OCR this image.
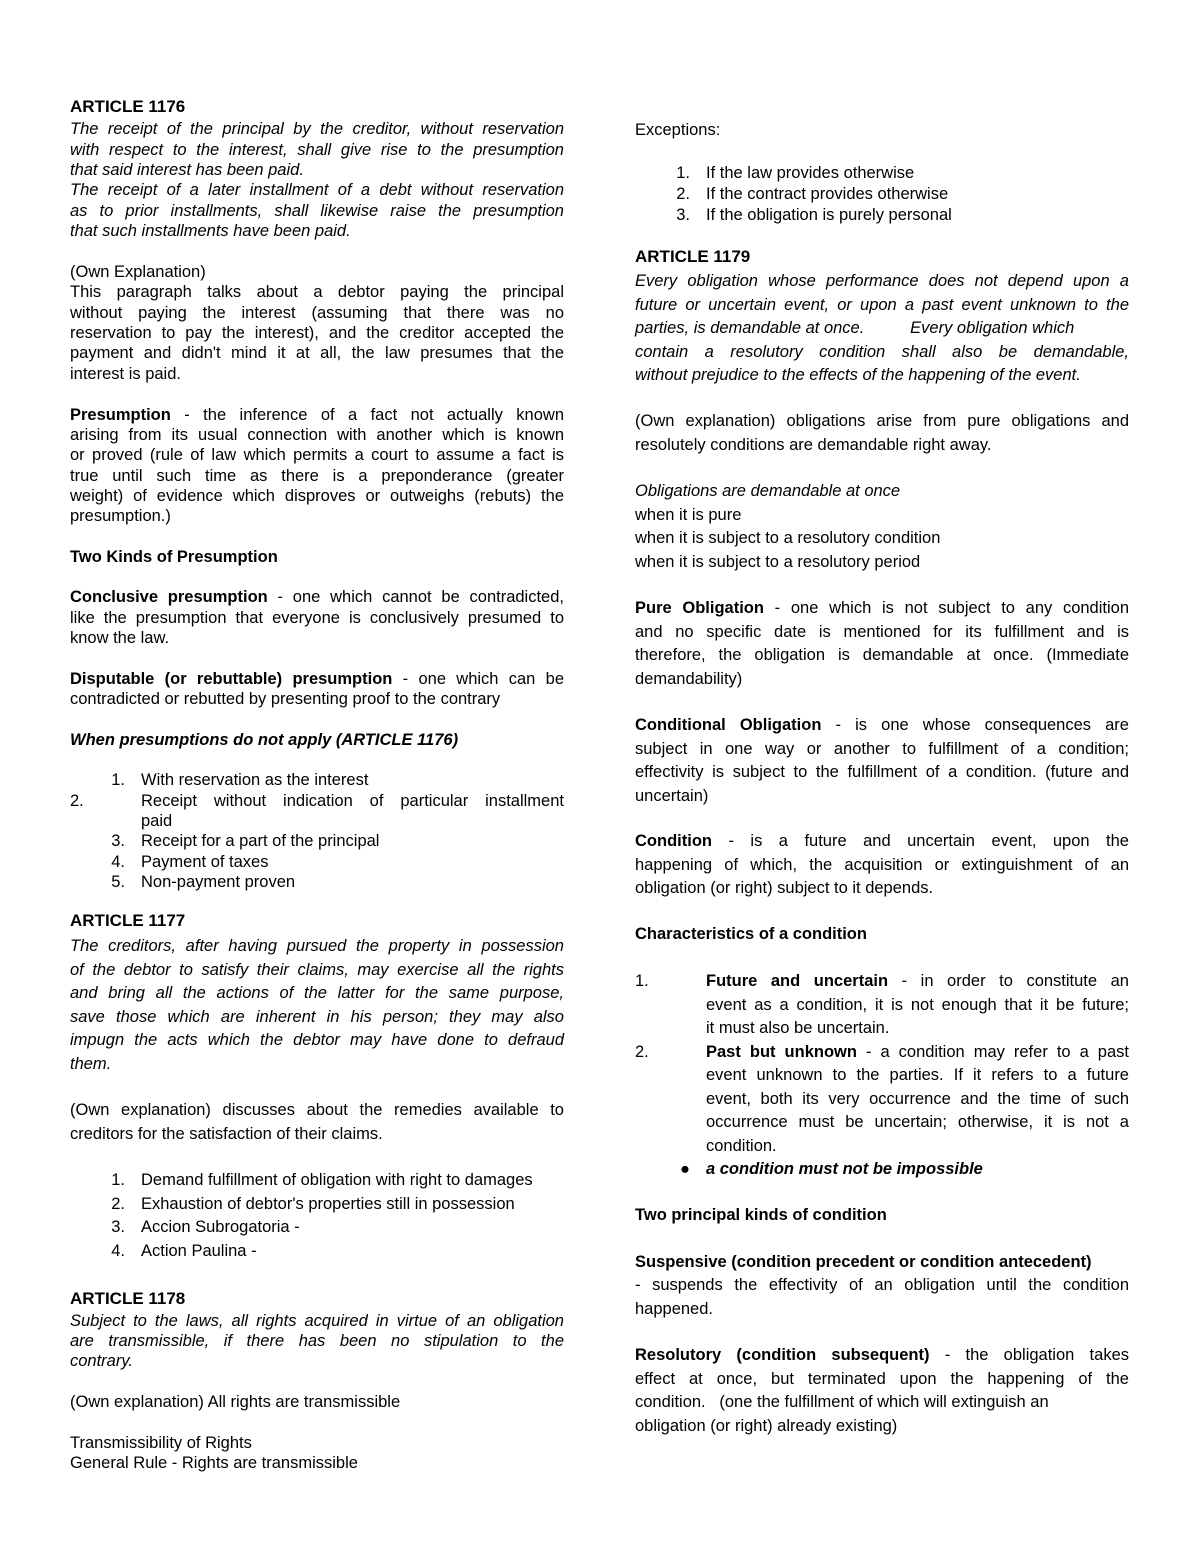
ARTICLE 1176

The receipt of the principal by the creditor, without reservation

with respect to the interest, shall give rise to the presumption

that said interest has been paid.

The receipt of a later installment of a debt without reservation

as to prior installments, shall likewise raise the presumption

that such installments have been paid.

(Own Explanation)

This paragraph talks about a debtor paying the principal

without paying the interest (assuming that there was no

reservation to pay the interest), and the creditor accepted the

payment and didn't mind it at all, the law presumes that the

interest is paid.

Presumption - the inference of a fact not actually known

arising from its usual connection with another which is known

or proved (rule of law which permits a court to assume a fact is

true until such time as there is a preponderance (greater

weight) of evidence which disproves or outweighs (rebuts) the

presumption.)

Two Kinds of Presumption

Conclusive presumption - one which cannot be contradicted,

like the presumption that everyone is conclusively presumed to

know the law.

Disputable (or rebuttable) presumption - one which can be

contradicted or rebutted by presenting proof to the contrary

When presumptions do not apply (ARTICLE 1176)

1. With reservation as the interest

2.	Receipt without indication of particular installment

paid

3. Receipt for a part of the principal

4. Payment of taxes

5. Non-payment proven

ARTICLE 1177

The creditors, after having pursued the property in possession

of the debtor to satisfy their claims, may exercise all the rights

and bring all the actions of the latter for the same purpose,

save those which are inherent in his person; they may also

impugn the acts which the debtor may have done to defraud

them.

(Own explanation) discusses about the remedies available to

creditors for the satisfaction of their claims.

1. Demand fulfillment of obligation with right to damages

2. Exhaustion of debtor's properties still in possession

3. Accion Subrogatoria -

4. Action Paulina -

ARTICLE 1178

Subject to the laws, all rights acquired in virtue of an obligation

are transmissible, if there has been no stipulation to the

contrary.

(Own explanation) All rights are transmissible

Transmissibility of Rights

General Rule - Rights are transmissible

Exceptions:

1. If the law provides otherwise

2. If the contract provides otherwise

3. If the obligation is purely personal

ARTICLE 1179

Every obligation whose performance does not depend upon a

future or uncertain event, or upon a past event unknown to the

parties, is demandable at once.          Every obligation which

contain a resolutory condition shall also be demandable,

without prejudice to the effects of the happening of the event.

(Own explanation) obligations arise from pure obligations and

resolutely conditions are demandable right away.

Obligations are demandable at once

when it is pure

when it is subject to a resolutory condition

when it is subject to a resolutory period

Pure Obligation - one which is not subject to any condition

and no specific date is mentioned for its fulfillment and is

therefore, the obligation is demandable at once. (Immediate

demandability)

Conditional Obligation - is one whose consequences are

subject in one way or another to fulfillment of a condition;

effectivity is subject to the fulfillment of a condition. (future and

uncertain)

Condition - is a future and uncertain event, upon the

happening of which, the acquisition or extinguishment of an

obligation (or right) subject to it depends.

Characteristics of a condition

1.	Future and uncertain - in order to constitute an

event as a condition, it is not enough that it be future;

it must also be uncertain.

2.	Past but unknown - a condition may refer to a past

event unknown to the parties. If it refers to a future

event, both its very occurrence and the time of such

occurrence must be uncertain; otherwise, it is not a

condition.

● a condition must not be impossible

Two principal kinds of condition

Suspensive (condition precedent or condition antecedent)

- suspends the effectivity of an obligation until the condition

happened.

Resolutory (condition subsequent) - the obligation takes

effect at once, but terminated upon the happening of the

condition.   (one the fulfillment of which will extinguish an

obligation (or right) already existing)
